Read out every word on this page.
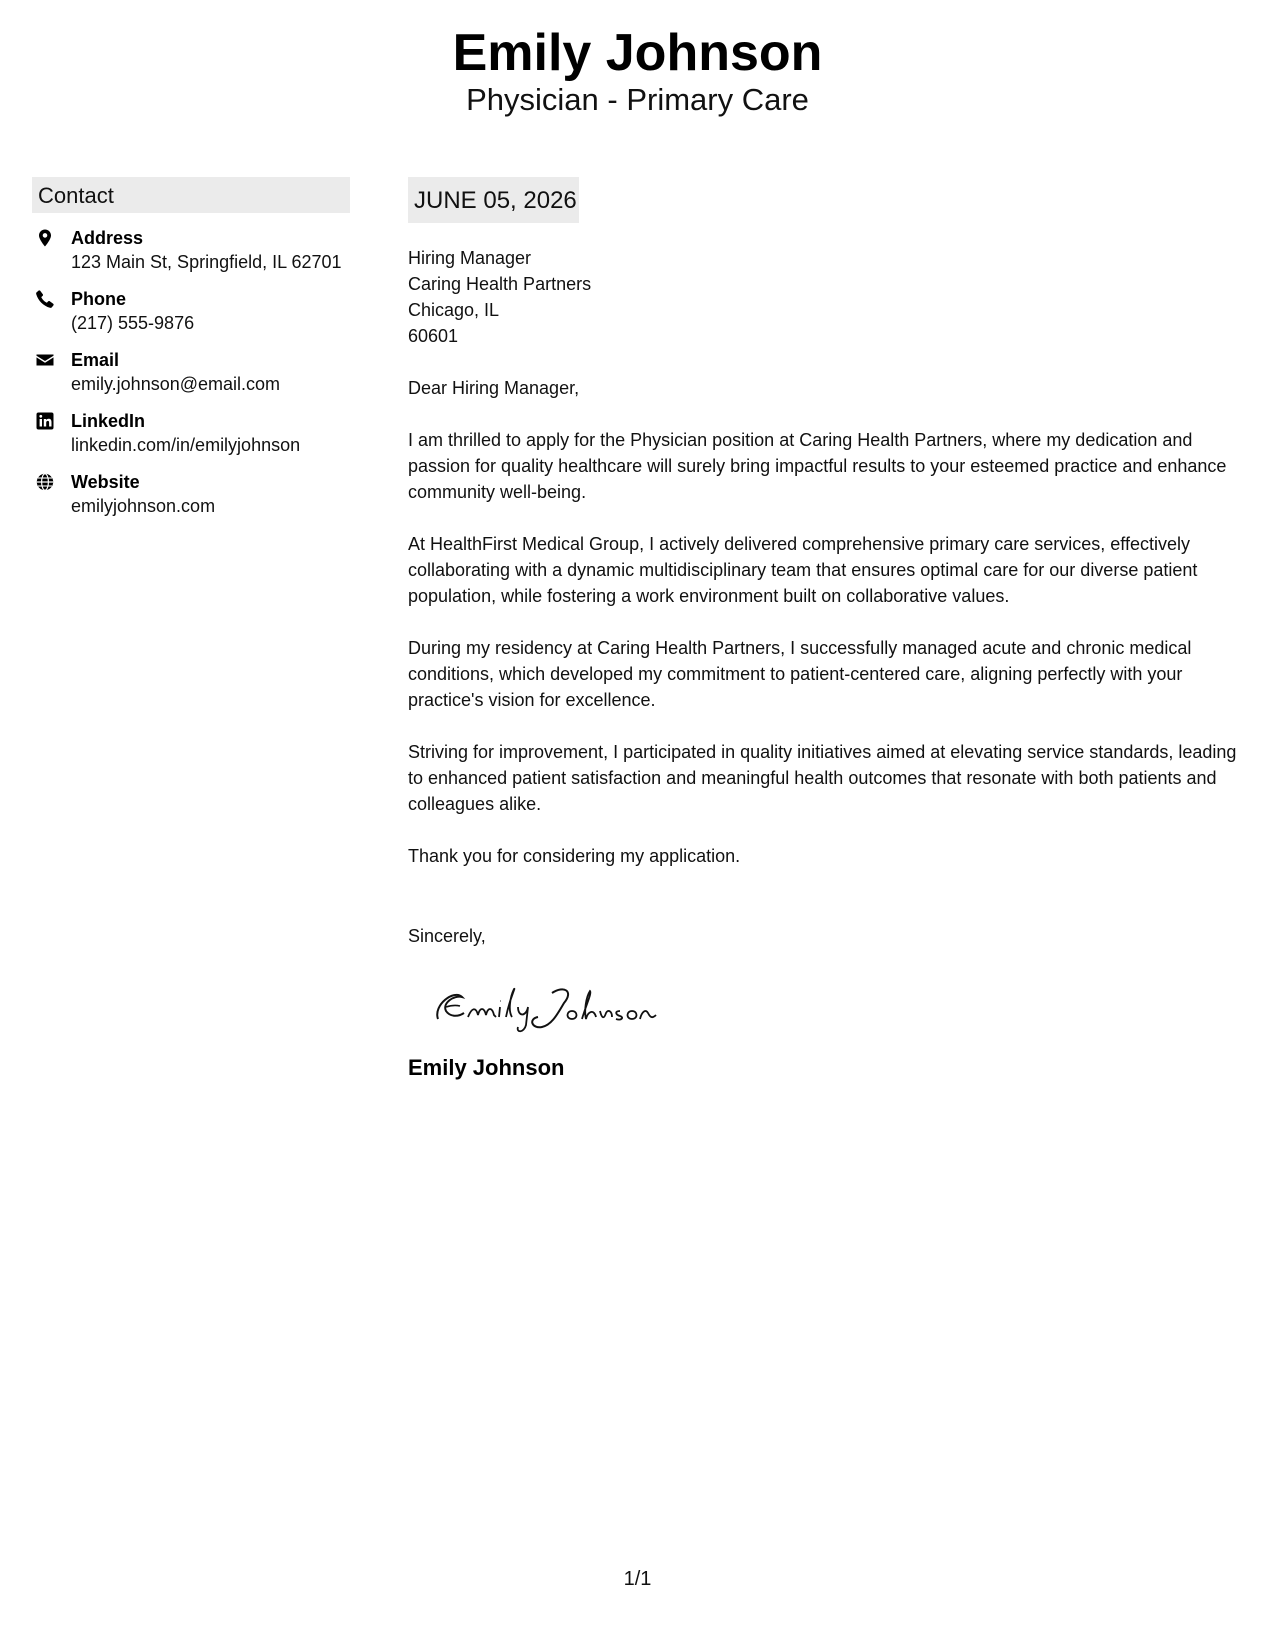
Emily Johnson
Physician - Primary Care
Contact
Address
123 Main St, Springfield, IL 62701
Phone
(217) 555-9876
Email
emily.johnson@email.com
LinkedIn
linkedin.com/in/emilyjohnson
Website
emilyjohnson.com
JUNE 05, 2026
Hiring Manager
Caring Health Partners
Chicago, IL
60601

Dear Hiring Manager,

I am thrilled to apply for the Physician position at Caring Health Partners, where my dedication and passion for quality healthcare will surely bring impactful results to your esteemed practice and enhance community well-being.

At HealthFirst Medical Group, I actively delivered comprehensive primary care services, effectively collaborating with a dynamic multidisciplinary team that ensures optimal care for our diverse patient population, while fostering a work environment built on collaborative values.

During my residency at Caring Health Partners, I successfully managed acute and chronic medical conditions, which developed my commitment to patient-centered care, aligning perfectly with your practice's vision for excellence.

Striving for improvement, I participated in quality initiatives aimed at elevating service standards, leading to enhanced patient satisfaction and meaningful health outcomes that resonate with both patients and colleagues alike.

Thank you for considering my application.

Sincerely,

Emily Johnson
1/1
